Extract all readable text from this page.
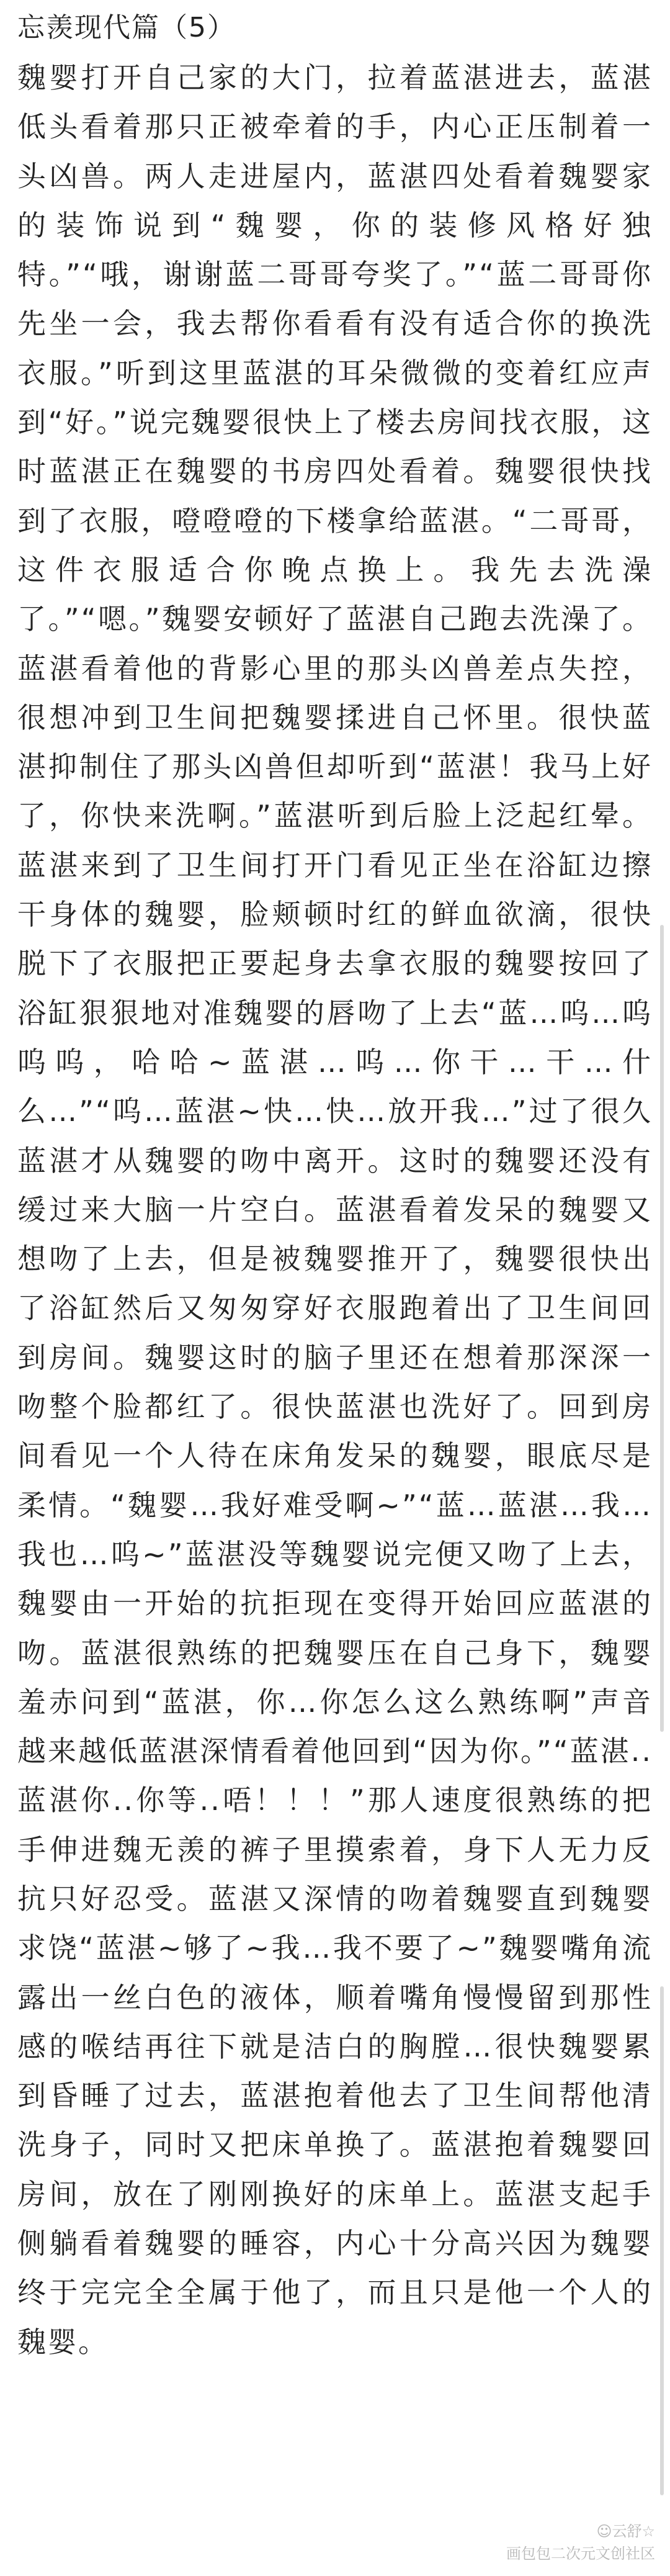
忘羡现代篇（5）

魏婴打开自己家的大门，拉着蓝湛进去，蓝湛低头看着那只正被牵着的手，内心正压制着一头凶兽。两人走进屋内，蓝湛四处看着魏婴家的装饰说到“魏婴，你的装修风格好独特。”“哦，谢谢蓝二哥哥夸奖了。”“蓝二哥哥你先坐一会，我去帮你看看有没有适合你的换洗衣服。”听到这里蓝湛的耳朵微微的变着红应声到“好。”说完魏婴很快上了楼去房间找衣服，这时蓝湛正在魏婴的书房四处看着。魏婴很快找到了衣服，噔噔噔的下楼拿给蓝湛。“二哥哥，这件衣服适合你晚点换上。我先去洗澡了。”“嗯。”魏婴安顿好了蓝湛自己跑去洗澡了。蓝湛看着他的背影心里的那头凶兽差点失控，很想冲到卫生间把魏婴揉进自己怀里。很快蓝湛抑制住了那头凶兽但却听到“蓝湛！我马上好了，你快来洗啊。”蓝湛听到后脸上泛起红晕。蓝湛来到了卫生间打开门看见正坐在浴缸边擦干身体的魏婴，脸颊顿时红的鲜血欲滴，很快脱下了衣服把正要起身去拿衣服的魏婴按回了浴缸狠狠地对准魏婴的唇吻了上去“蓝…呜…呜呜呜，哈哈~蓝湛…呜…你干…干…什么…”“呜…蓝湛~快…快…放开我…”过了很久蓝湛才从魏婴的吻中离开。这时的魏婴还没有缓过来大脑一片空白。蓝湛看着发呆的魏婴又想吻了上去，但是被魏婴推开了，魏婴很快出了浴缸然后又匆匆穿好衣服跑着出了卫生间回到房间。魏婴这时的脑子里还在想着那深深一吻整个脸都红了。很快蓝湛也洗好了。回到房间看见一个人待在床角发呆的魏婴，眼底尽是柔情。“魏婴…我好难受啊~”“蓝…蓝湛…我…我也…呜~”蓝湛没等魏婴说完便又吻了上去，魏婴由一开始的抗拒现在变得开始回应蓝湛的吻。蓝湛很熟练的把魏婴压在自己身下，魏婴羞赤问到“蓝湛，你…你怎么这么熟练啊”声音越来越低蓝湛深情看着他回到“因为你。”“蓝湛..蓝湛你..你等..唔！！！”那人速度很熟练的把手伸进魏无羡的裤子里摸索着，身下人无力反抗只好忍受。蓝湛又深情的吻着魏婴直到魏婴求饶“蓝湛~够了~我…我不要了~”魏婴嘴角流露出一丝白色的液体，顺着嘴角慢慢留到那性感的喉结再往下就是洁白的胸膛…很快魏婴累到昏睡了过去，蓝湛抱着他去了卫生间帮他清洗身子，同时又把床单换了。蓝湛抱着魏婴回房间，放在了刚刚换好的床单上。蓝湛支起手侧躺看着魏婴的睡容，内心十分高兴因为魏婴终于完完全全属于他了，而且只是他一个人的魏婴。

☺云舒☆
画包包二次元文创社区
